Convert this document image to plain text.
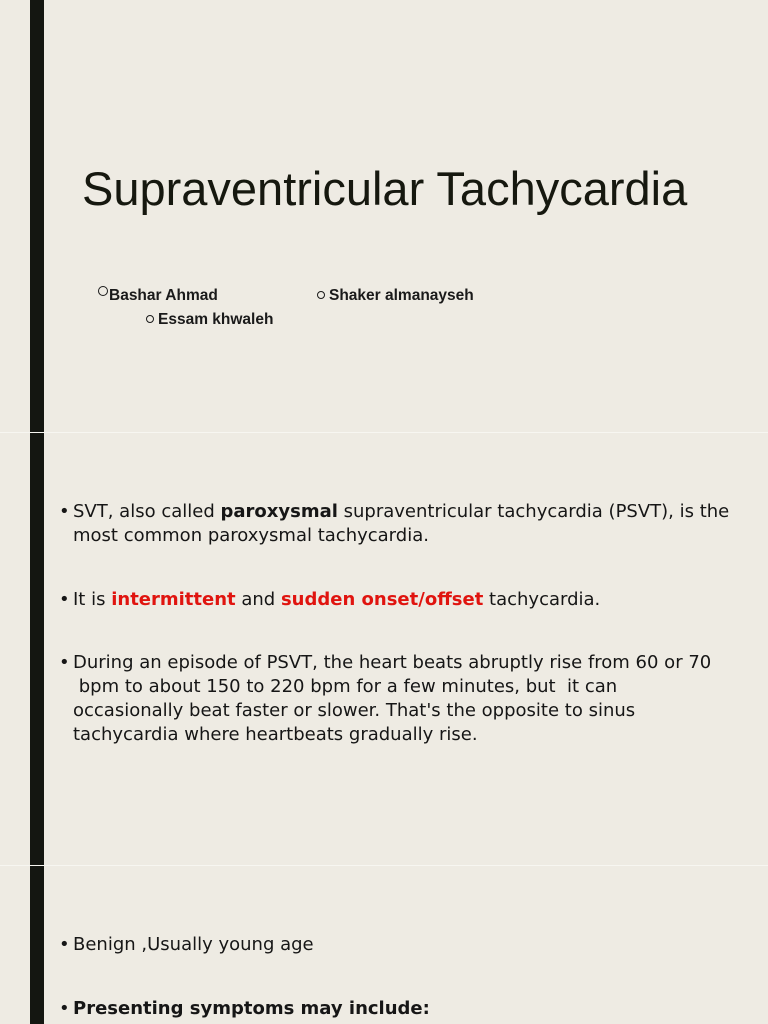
Supraventricular Tachycardia
Bashar Ahmad	Shaker almanayseh
Essam khwaleh
• SVT, also called paroxysmal supraventricular tachycardia (PSVT), is the
most common paroxysmal tachycardia.
• It is intermittent and sudden onset/offset tachycardia.
• During an episode of PSVT, the heart beats abruptly rise from 60 or 70
bpm to about 150 to 220 bpm for a few minutes, but  it can
occasionally beat faster or slower. That's the opposite to sinus
tachycardia where heartbeats gradually rise.
• Benign ,Usually young age
• Presenting symptoms may include:
